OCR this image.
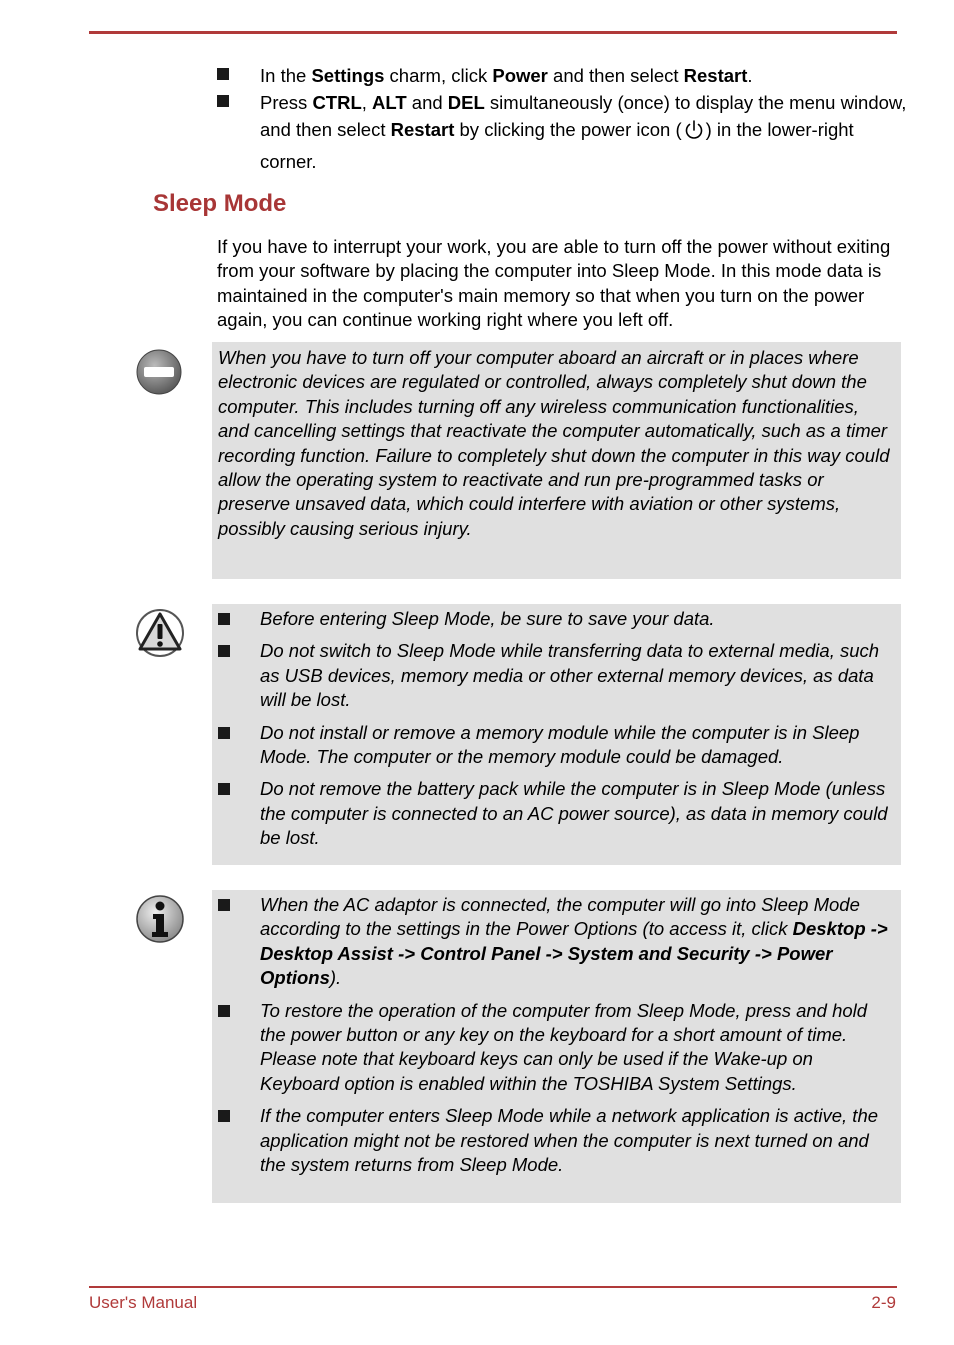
In the Settings charm, click Power and then select Restart.
Press CTRL, ALT and DEL simultaneously (once) to display the menu window, and then select Restart by clicking the power icon ( ) in the lower-right corner.
Sleep Mode

If you have to interrupt your work, you are able to turn off the power without exiting from your software by placing the computer into Sleep Mode. In this mode data is maintained in the computer's main memory so that when you turn on the power again, you can continue working right where you left off.

When you have to turn off your computer aboard an aircraft or in places where electronic devices are regulated or controlled, always completely shut down the computer. This includes turning off any wireless communication functionalities, and cancelling settings that reactivate the computer automatically, such as a timer recording function. Failure to completely shut down the computer in this way could allow the operating system to reactivate and run pre-programmed tasks or preserve unsaved data, which could interfere with aviation or other systems, possibly causing serious injury.

Before entering Sleep Mode, be sure to save your data.
Do not switch to Sleep Mode while transferring data to external media, such as USB devices, memory media or other external memory devices, as data will be lost.
Do not install or remove a memory module while the computer is in Sleep Mode. The computer or the memory module could be damaged.
Do not remove the battery pack while the computer is in Sleep Mode (unless the computer is connected to an AC power source), as data in memory could be lost.
When the AC adaptor is connected, the computer will go into Sleep Mode according to the settings in the Power Options (to access it, click Desktop -> Desktop Assist -> Control Panel -> System and Security -> Power Options).
To restore the operation of the computer from Sleep Mode, press and hold the power button or any key on the keyboard for a short amount of time. Please note that keyboard keys can only be used if the Wake-up on Keyboard option is enabled within the TOSHIBA System Settings.
If the computer enters Sleep Mode while a network application is active, the application might not be restored when the computer is next turned on and the system returns from Sleep Mode.
User's Manual	2-9
